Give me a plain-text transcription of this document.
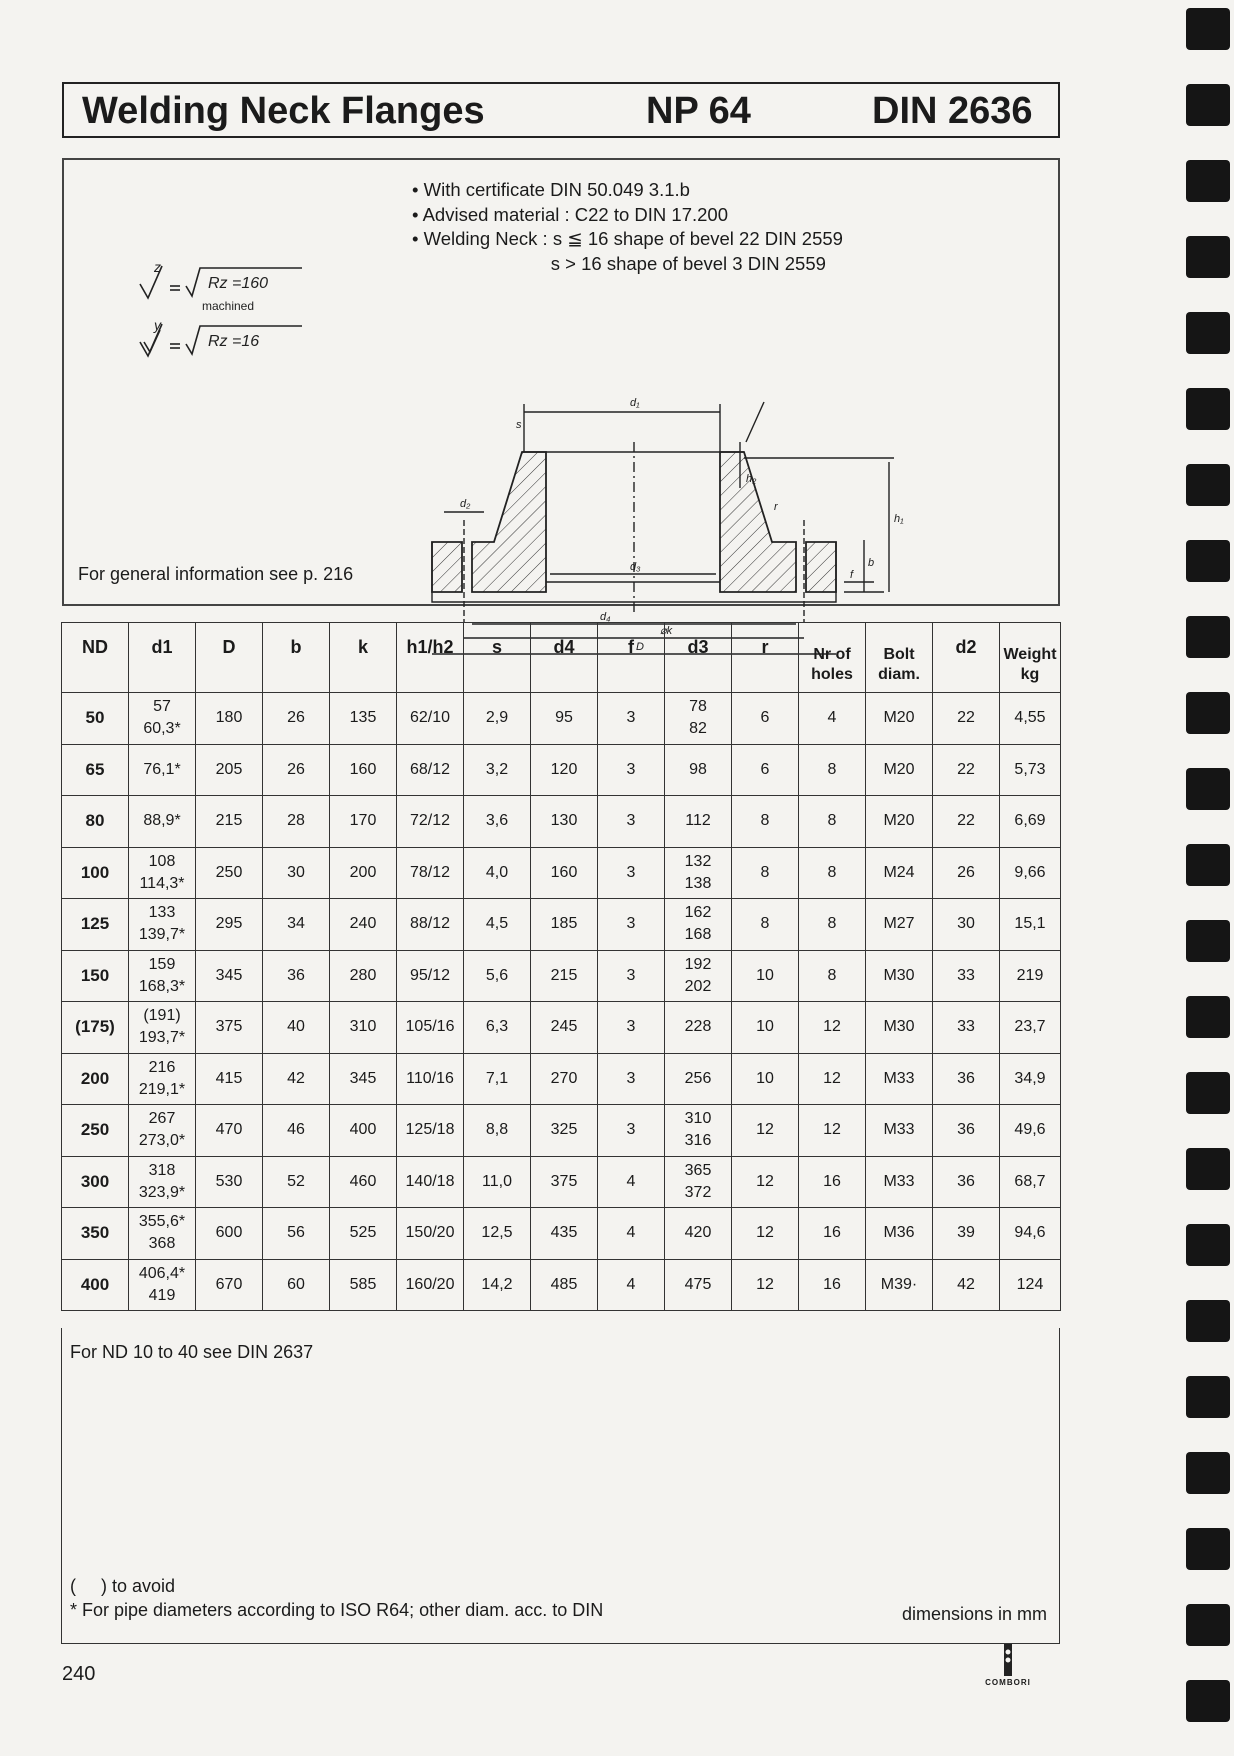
Welding Neck Flanges	NP 64	DIN 2636
• With certificate DIN 50.049 3.1.b
• Advised material : C22 to DIN 17.200
• Welding Neck : s ≦ 16 shape of bevel 22 DIN 2559
s > 16 shape of bevel 3 DIN 2559
z
y
Rz =160
machined
Rz =16
d₁
s
d₂
d₃
d₄
⌀k
D
h₁
h₂
b
f
r
For general information see p. 216
ND	d1	D	b	k	h1/h2	s	d4	f	d3	r	Nr of holes	Bolt diam.	d2	Weight kg

50	57
60,3*	180	26	135	62/10	2,9	95	3	78
82	6	4	M20	22	4,55

65	76,1*	205	26	160	68/12	3,2	120	3	98	6	8	M20	22	5,73

80	88,9*	215	28	170	72/12	3,6	130	3	112	8	8	M20	22	6,69

100	108
114,3*	250	30	200	78/12	4,0	160	3	132
138	8	8	M24	26	9,66

125	133
139,7*	295	34	240	88/12	4,5	185	3	162
168	8	8	M27	30	15,1

150	159
168,3*	345	36	280	95/12	5,6	215	3	192
202	10	8	M30	33	219

(175)	(191)
193,7*	375	40	310	105/16	6,3	245	3	228	10	12	M30	33	23,7

200	216
219,1*	415	42	345	110/16	7,1	270	3	256	10	12	M33	36	34,9

250	267
273,0*	470	46	400	125/18	8,8	325	3	310
316	12	12	M33	36	49,6

300	318
323,9*	530	52	460	140/18	11,0	375	4	365
372	12	16	M33	36	68,7

350	355,6*
368	600	56	525	150/20	12,5	435	4	420	12	16	M36	39	94,6

400	406,4*
419	670	60	585	160/20	14,2	485	4	475	12	16	M39·	42	124
For ND 10 to 40 see DIN 2637
(     ) to avoid
* For pipe diameters according to ISO R64; other diam. acc. to DIN	dimensions in mm
240	COMBORI
